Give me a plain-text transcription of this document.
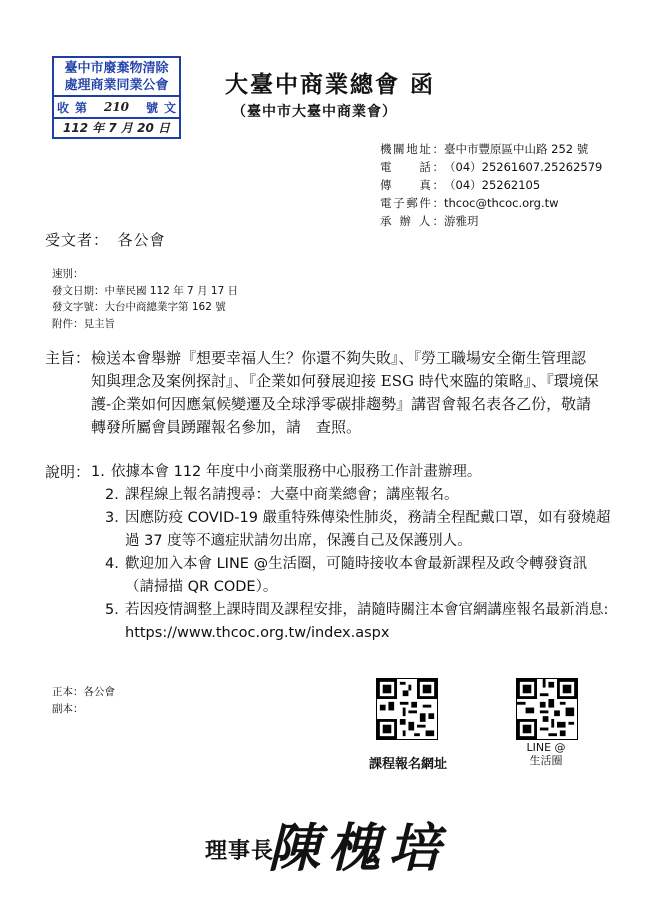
臺中市廢棄物清除
處理商業同業公會
收 第	210	號 文
112 年 7 月 20 日
大臺中商業總會 函
（臺中市大臺中商業會）
機關地址： 臺中市豐原區中山路 252 號
電　　話： （04）25261607.25262579
傳　　真： （04）25262105
電子郵件： thcoc@thcoc.org.tw
承 辦 人： 游雅玥
受文者：　各公會
速別：
發文日期：中華民國 112 年 7 月 17 日
發文字號：大台中商總業字第 162 號
附件：見主旨
主旨： 檢送本會舉辦『想要幸福人生？你還不夠失敗』、『勞工職場安全衛生管理認知與理念及案例探討』、『企業如何發展迎接 ESG 時代來臨的策略』、『環境保護-企業如何因應氣候變遷及全球淨零碳排趨勢』講習會報名表各乙份，敬請轉發所屬會員踴躍報名參加，請　查照。
說明： 1. 依據本會 112 年度中小商業服務中心服務工作計畫辦理。
2. 課程線上報名請搜尋：大臺中商業總會；講座報名。
3. 因應防疫 COVID-19 嚴重特殊傳染性肺炎，務請全程配戴口罩，如有發燒超過 37 度等不適症狀請勿出席，保護自己及保護別人。
4. 歡迎加入本會 LINE @生活圈，可隨時接收本會最新課程及政令轉發資訊（請掃描 QR CODE）。
5. 若因疫情調整上課時間及課程安排，請隨時關注本會官網講座報名最新消息: https://www.thcoc.org.tw/index.aspx
正本：各公會
副本：
課程報名網址
LINE @
生活圈
理事長
陳槐培
